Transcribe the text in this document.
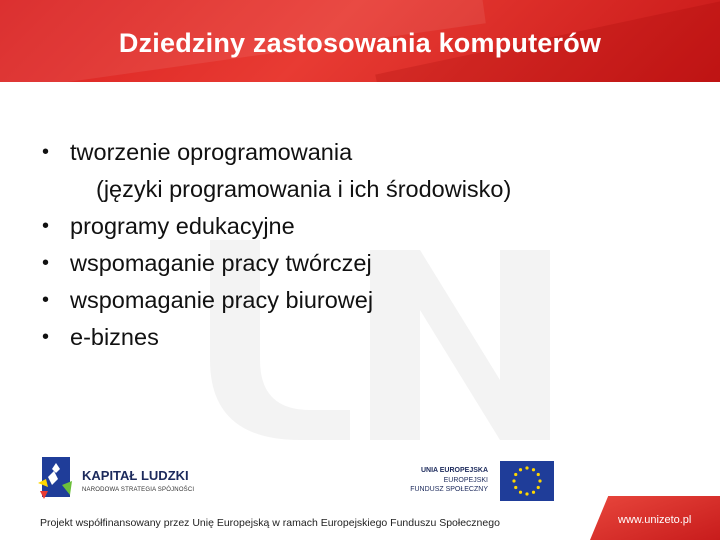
Dziedziny zastosowania komputerów
• tworzenie oprogramowania
(języki programowania i ich środowisko)
• programy edukacyjne
• wspomaganie pracy twórczej
• wspomaganie pracy biurowej
• e-biznes
KAPITAŁ LUDZKI
NARODOWA STRATEGIA SPÓJNOŚCI
UNIA EUROPEJSKA
EUROPEJSKI
FUNDUSZ SPOŁECZNY
Projekt współfinansowany przez Unię Europejską w ramach Europejskiego Funduszu Społecznego	www.unizeto.pl
